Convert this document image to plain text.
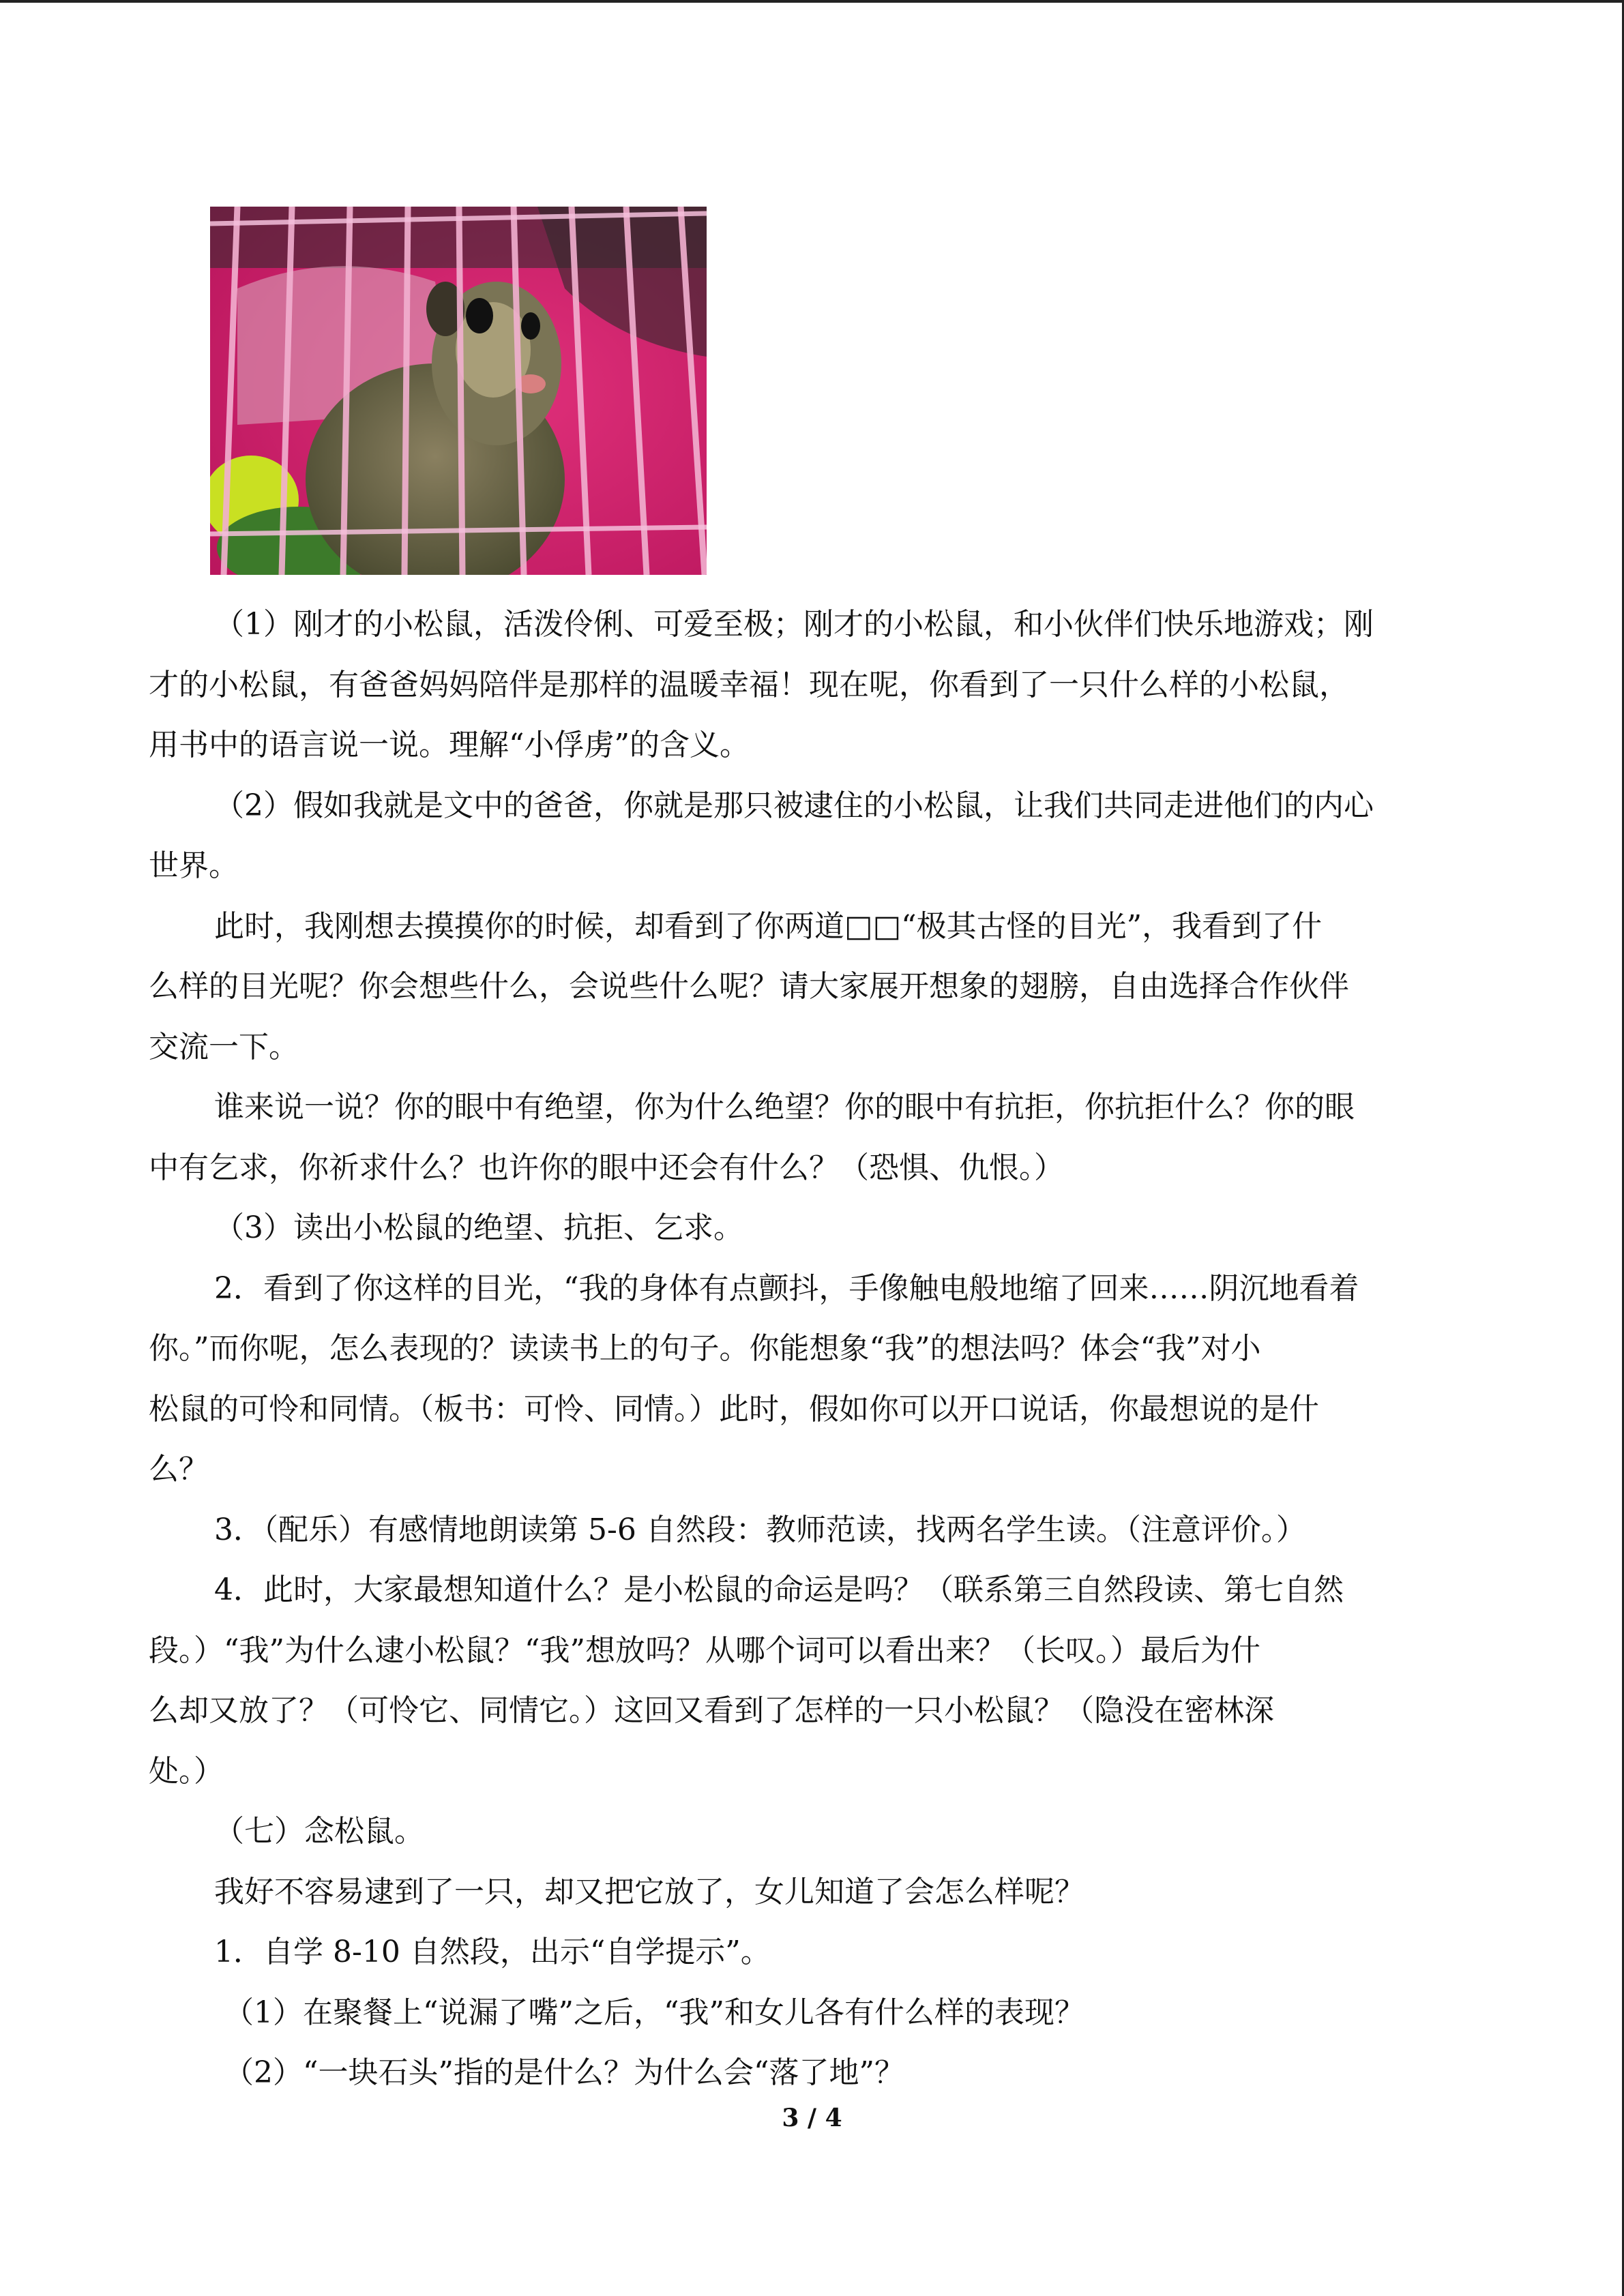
（1）刚才的小松鼠，活泼伶俐、可爱至极；刚才的小松鼠，和小伙伴们快乐地游戏；刚

才的小松鼠，有爸爸妈妈陪伴是那样的温暖幸福！现在呢，你看到了一只什么样的小松鼠，

用书中的语言说一说。理解“小俘虏”的含义。

（2）假如我就是文中的爸爸，你就是那只被逮住的小松鼠，让我们共同走进他们的内心

世界。

此时，我刚想去摸摸你的时候，却看到了你两道□□“极其古怪的目光”，我看到了什

么样的目光呢？你会想些什么，会说些什么呢？请大家展开想象的翅膀，自由选择合作伙伴

交流一下。

谁来说一说？你的眼中有绝望，你为什么绝望？你的眼中有抗拒，你抗拒什么？你的眼

中有乞求，你祈求什么？也许你的眼中还会有什么？（恐惧、仇恨。）

（3）读出小松鼠的绝望、抗拒、乞求。

2．看到了你这样的目光，“我的身体有点颤抖，手像触电般地缩了回来……阴沉地看着

你。”而你呢，怎么表现的？读读书上的句子。你能想象“我”的想法吗？体会“我”对小

松鼠的可怜和同情。（板书：可怜、同情。）此时，假如你可以开口说话，你最想说的是什

么？

3．（配乐）有感情地朗读第 5-6 自然段：教师范读，找两名学生读。（注意评价。）

4．此时，大家最想知道什么？是小松鼠的命运是吗？（联系第三自然段读、第七自然

段。）“我”为什么逮小松鼠？“我”想放吗？从哪个词可以看出来？（长叹。）最后为什

么却又放了？（可怜它、同情它。）这回又看到了怎样的一只小松鼠？（隐没在密林深

处。）

（七）念松鼠。

我好不容易逮到了一只，却又把它放了，女儿知道了会怎么样呢？

1．自学 8-10 自然段，出示“自学提示”。

（1）在聚餐上“说漏了嘴”之后，“我”和女儿各有什么样的表现？

（2）“一块石头”指的是什么？为什么会“落了地”？

3 / 4
